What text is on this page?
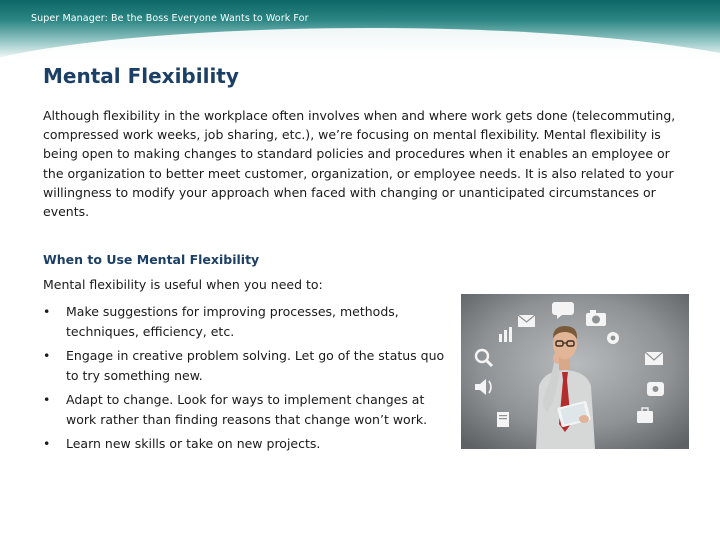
Super Manager: Be the Boss Everyone Wants to Work For
Mental Flexibility
Although flexibility in the workplace often involves when and where work gets done (telecommuting, compressed work weeks, job sharing, etc.), we’re focusing on mental flexibility. Mental flexibility is being open to making changes to standard policies and procedures when it enables an employee or the organization to better meet customer, organization, or employee needs. It is also related to your willingness to modify your approach when faced with changing or unanticipated circumstances or events.
When to Use Mental Flexibility
Mental flexibility is useful when you need to:
• Make suggestions for improving processes, methods, techniques, efficiency, etc.
• Engage in creative problem solving. Let go of the status quo to try something new.
• Adapt to change. Look for ways to implement changes at work rather than finding reasons that change won’t work.
• Learn new skills or take on new projects.
